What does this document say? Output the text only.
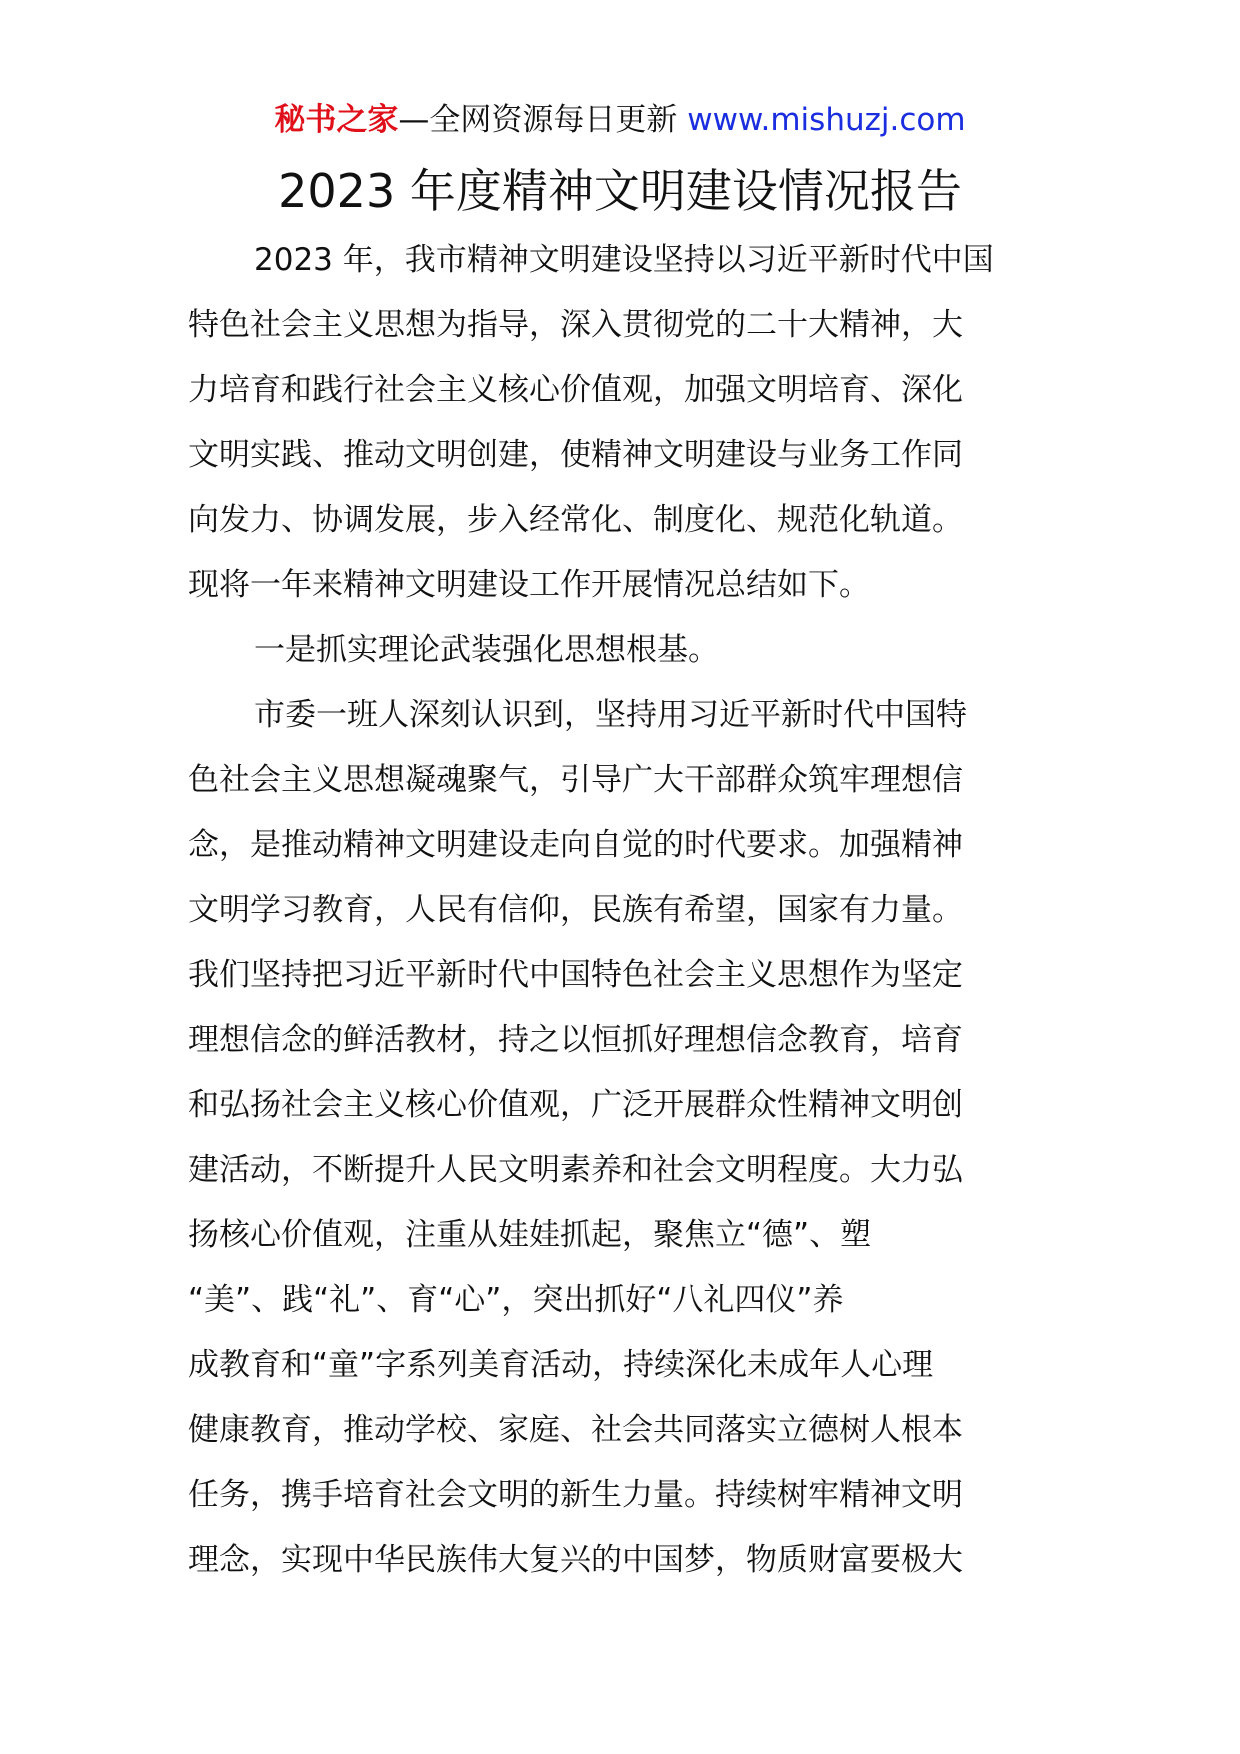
秘书之家—全网资源每日更新 www.mishuzj.com
2023 年度精神文明建设情况报告

2023 年，我市精神文明建设坚持以习近平新时代中国
特色社会主义思想为指导，深入贯彻党的二十大精神，大
力培育和践行社会主义核心价值观，加强文明培育、深化
文明实践、推动文明创建，使精神文明建设与业务工作同
向发力、协调发展，步入经常化、制度化、规范化轨道。
现将一年来精神文明建设工作开展情况总结如下。

一是抓实理论武装强化思想根基。

市委一班人深刻认识到，坚持用习近平新时代中国特
色社会主义思想凝魂聚气，引导广大干部群众筑牢理想信
念，是推动精神文明建设走向自觉的时代要求。加强精神
文明学习教育，人民有信仰，民族有希望，国家有力量。
我们坚持把习近平新时代中国特色社会主义思想作为坚定
理想信念的鲜活教材，持之以恒抓好理想信念教育，培育
和弘扬社会主义核心价值观，广泛开展群众性精神文明创
建活动，不断提升人民文明素养和社会文明程度。大力弘
扬核心价值观，注重从娃娃抓起，聚焦立“德”、塑
“美”、践“礼”、育“心”，突出抓好“八礼四仪”养
成教育和“童”字系列美育活动，持续深化未成年人心理
健康教育，推动学校、家庭、社会共同落实立德树人根本
任务，携手培育社会文明的新生力量。持续树牢精神文明
理念，实现中华民族伟大复兴的中国梦，物质财富要极大
